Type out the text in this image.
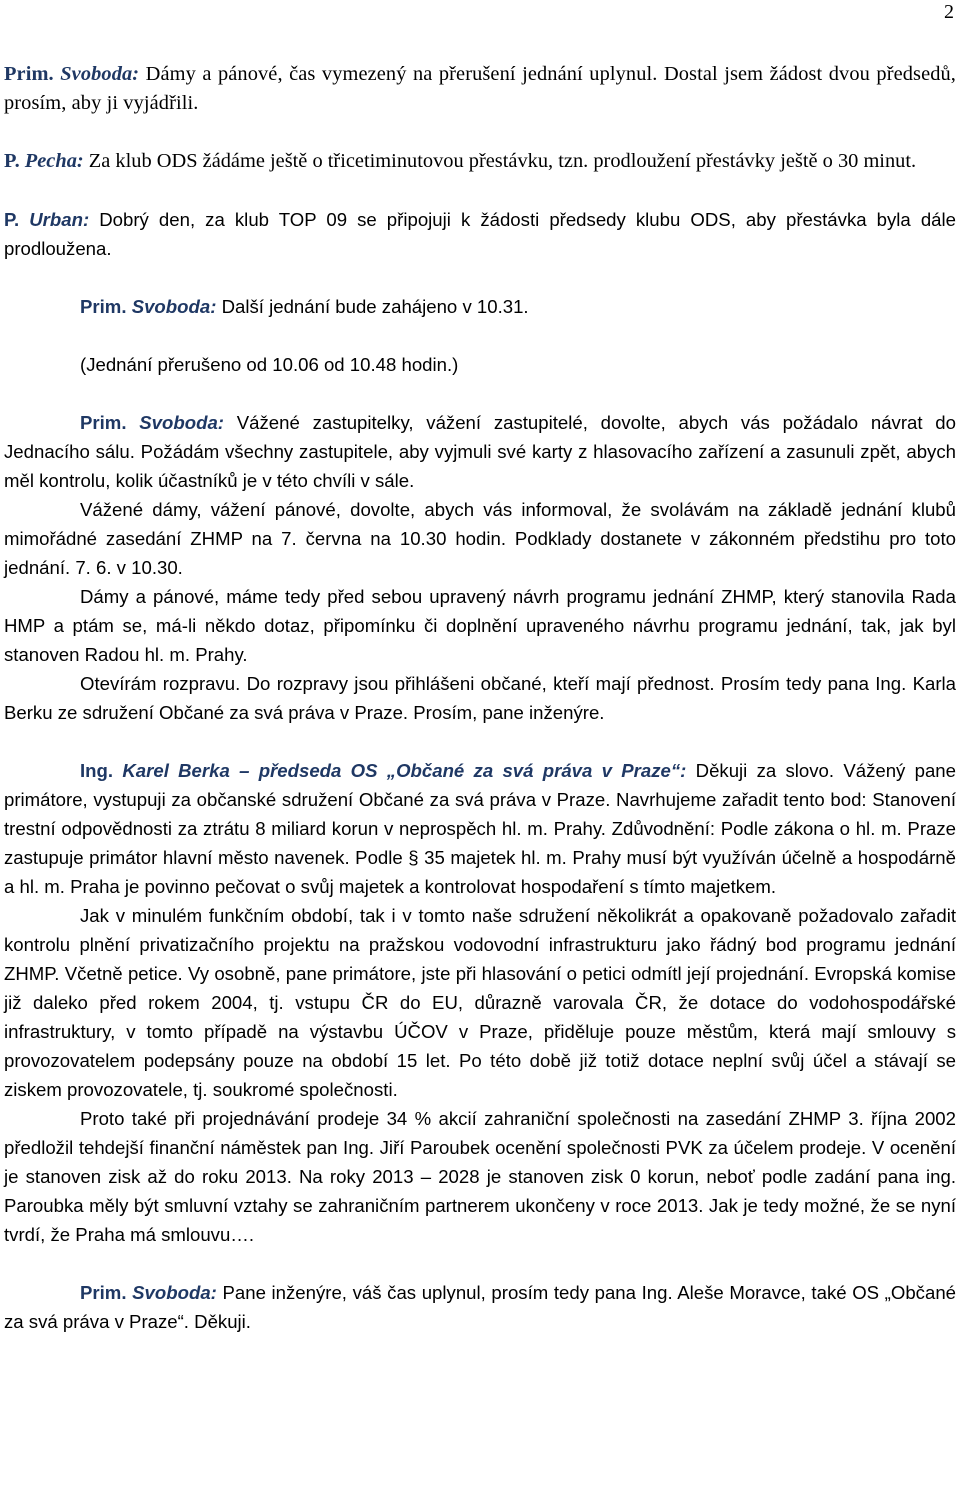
2

Prim. Svoboda: Dámy a pánové, čas vymezený na přerušení jednání uplynul. Dostal jsem žádost dvou předsedů, prosím, aby ji vyjádřili.

P. Pecha: Za klub ODS žádáme ještě o třicetiminutovou přestávku, tzn. prodloužení přestávky ještě o 30 minut.

P. Urban: Dobrý den, za klub TOP 09 se připojuji k žádosti předsedy klubu ODS, aby přestávka byla dále prodloužena.

Prim. Svoboda: Další jednání bude zahájeno v 10.31.

(Jednání přerušeno od 10.06 od 10.48 hodin.)

Prim. Svoboda: Vážené zastupitelky, vážení zastupitelé, dovolte, abych vás požádalo návrat do Jednacího sálu. Požádám všechny zastupitele, aby vyjmuli své karty z hlasovacího zařízení a zasunuli zpět, abych měl kontrolu, kolik účastníků je v této chvíli v sále.

Vážené dámy, vážení pánové, dovolte, abych vás informoval, že svolávám na základě jednání klubů mimořádné zasedání ZHMP na 7. června na 10.30 hodin. Podklady dostanete v zákonném předstihu pro toto jednání. 7. 6. v 10.30.

Dámy a pánové, máme tedy před sebou upravený návrh programu jednání ZHMP, který stanovila Rada HMP a ptám se, má-li někdo dotaz, připomínku či doplnění upraveného návrhu programu jednání, tak, jak byl stanoven Radou hl. m. Prahy.

Otevírám rozpravu. Do rozpravy jsou přihlášeni občané, kteří mají přednost. Prosím tedy pana Ing. Karla Berku ze sdružení Občané za svá práva v Praze. Prosím, pane inženýre.

Ing. Karel Berka – předseda OS „Občané za svá práva v Praze“: Děkuji za slovo. Vážený pane primátore, vystupuji za občanské sdružení Občané za svá práva v Praze. Navrhujeme zařadit tento bod: Stanovení trestní odpovědnosti za ztrátu 8 miliard korun v neprospěch hl. m. Prahy. Zdůvodnění: Podle zákona o hl. m. Praze zastupuje primátor hlavní město navenek. Podle § 35 majetek hl. m. Prahy musí být využíván účelně a hospodárně a hl. m. Praha je povinno pečovat o svůj majetek a kontrolovat hospodaření s tímto majetkem.

Jak v minulém funkčním období, tak i v tomto naše sdružení několikrát a opakovaně požadovalo zařadit kontrolu plnění privatizačního projektu na pražskou vodovodní infrastrukturu jako řádný bod programu jednání ZHMP. Včetně petice. Vy osobně, pane primátore, jste při hlasování o petici odmítl její projednání. Evropská komise již daleko před rokem 2004, tj. vstupu ČR do EU, důrazně varovala ČR, že dotace do vodohospodářské infrastruktury, v tomto případě na výstavbu ÚČOV v Praze, přiděluje pouze městům, která mají smlouvy s provozovatelem podepsány pouze na období 15 let. Po této době již totiž dotace neplní svůj účel a stávají se ziskem provozovatele, tj. soukromé společnosti.

Proto také při projednávání prodeje 34 % akcií zahraniční společnosti na zasedání ZHMP 3. října 2002 předložil tehdejší finanční náměstek pan Ing. Jiří Paroubek ocenění společnosti PVK za účelem prodeje. V ocenění je stanoven zisk až do roku 2013. Na roky 2013 – 2028 je stanoven zisk 0 korun, neboť podle zadání pana ing. Paroubka měly být smluvní vztahy se zahraničním partnerem ukončeny v roce 2013. Jak je tedy možné, že se nyní tvrdí, že Praha má smlouvu….

Prim. Svoboda: Pane inženýre, váš čas uplynul, prosím tedy pana Ing. Aleše Moravce, také OS „Občané za svá práva v Praze“. Děkuji.
